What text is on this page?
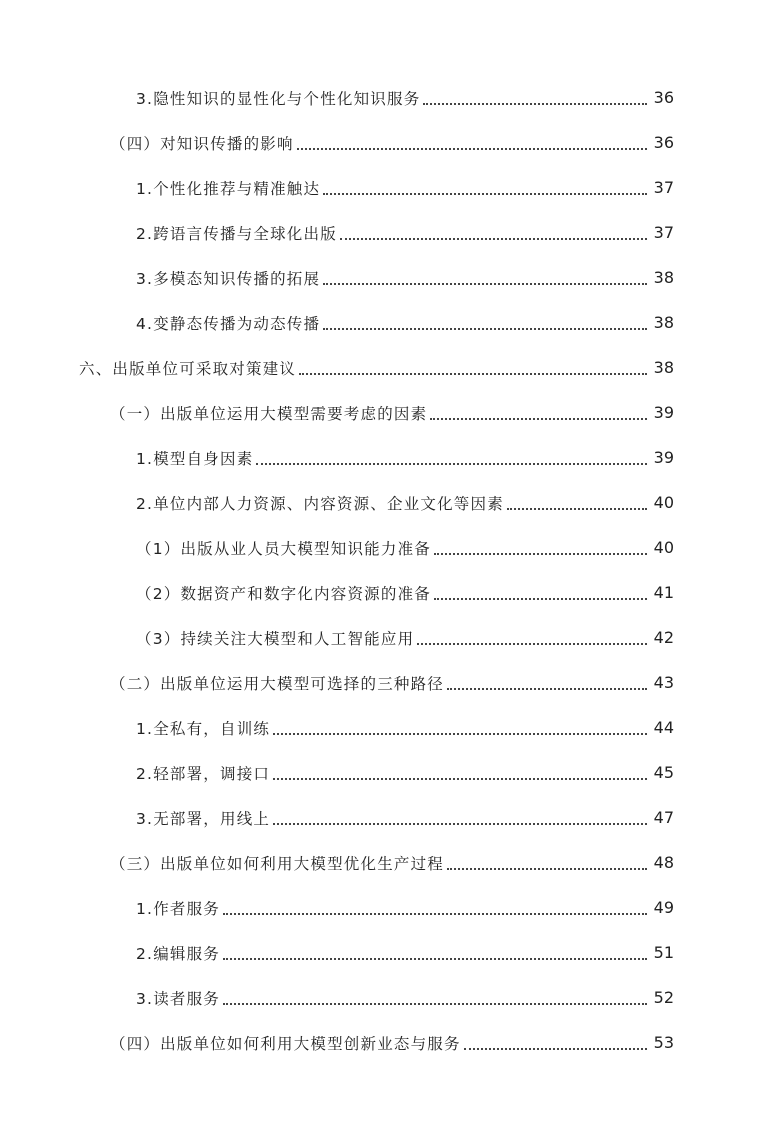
3.隐性知识的显性化与个性化知识服务	36
（四）对知识传播的影响	36
1.个性化推荐与精准触达	37
2.跨语言传播与全球化出版	37
3.多模态知识传播的拓展	38
4.变静态传播为动态传播	38
六、出版单位可采取对策建议	38
（一）出版单位运用大模型需要考虑的因素	39
1.模型自身因素	39
2.单位内部人力资源、内容资源、企业文化等因素	40
（1）出版从业人员大模型知识能力准备	40
（2）数据资产和数字化内容资源的准备	41
（3）持续关注大模型和人工智能应用	42
（二）出版单位运用大模型可选择的三种路径	43
1.全私有，自训练	44
2.轻部署，调接口	45
3.无部署，用线上	47
（三）出版单位如何利用大模型优化生产过程	48
1.作者服务	49
2.编辑服务	51
3.读者服务	52
（四）出版单位如何利用大模型创新业态与服务	53
